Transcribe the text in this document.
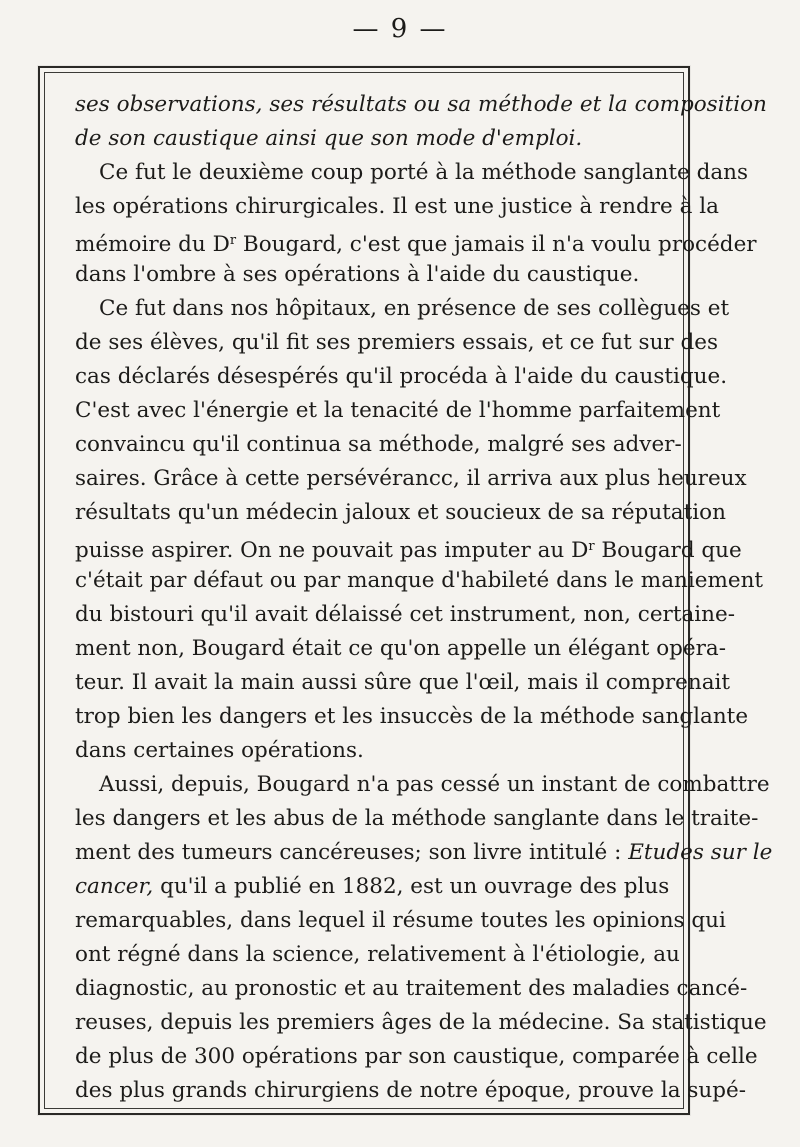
— 9 —
ses observations, ses résultats ou sa méthode et la composition
de son caustique ainsi que son mode d'emploi.
Ce fut le deuxième coup porté à la méthode sanglante dans
les opérations chirurgicales. Il est une justice à rendre à la
mémoire du $D^r$ Bougard, c'est que jamais il n'a voulu procéder
dans l'ombre à ses opérations à l'aide du caustique.
Ce fut dans nos hôpitaux, en présence de ses collègues et
de ses élèves, qu'il fit ses premiers essais, et ce fut sur des
cas déclarés désespérés qu'il procéda à l'aide du caustique.
C'est avec l'énergie et la tenacité de l'homme parfaitement
convaincu qu'il continua sa méthode, malgré ses adver-
saires. Grâce à cette persévérancc, il arriva aux plus heureux
résultats qu'un médecin jaloux et soucieux de sa réputation
puisse aspirer. On ne pouvait pas imputer au $D^r$ Bougard que
c'était par défaut ou par manque d'habileté dans le maniement
du bistouri qu'il avait délaissé cet instrument, non, certaine-
ment non, Bougard était ce qu'on appelle un élégant opéra-
teur. Il avait la main aussi sûre que l'œil, mais il comprenait
trop bien les dangers et les insuccès de la méthode sanglante
dans certaines opérations.
Aussi, depuis, Bougard n'a pas cessé un instant de combattre
les dangers et les abus de la méthode sanglante dans le traite-
ment des tumeurs cancéreuses; son livre intitulé : Etudes sur le
cancer, qu'il a publié en 1882, est un ouvrage des plus
remarquables, dans lequel il résume toutes les opinions qui
ont régné dans la science, relativement à l'étiologie, au
diagnostic, au pronostic et au traitement des maladies cancé-
reuses, depuis les premiers âges de la médecine. Sa statistique
de plus de 300 opérations par son caustique, comparée à celle
des plus grands chirurgiens de notre époque, prouve la supé-
